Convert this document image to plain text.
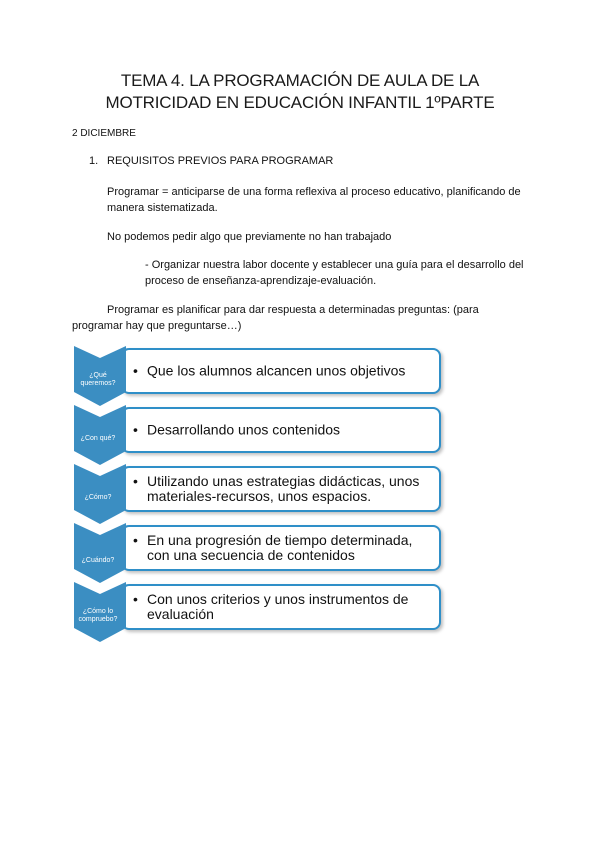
TEMA 4. LA PROGRAMACIÓN DE AULA DE LA
MOTRICIDAD EN EDUCACIÓN INFANTIL 1ºPARTE
2 DICIEMBRE
1. REQUISITOS PREVIOS PARA PROGRAMAR
Programar = anticiparse de una forma reflexiva al proceso educativo, planificando de manera sistematizada.
No podemos pedir algo que previamente no han trabajado
- Organizar nuestra labor docente y establecer una guía para el desarrollo del proceso de enseñanza-aprendizaje-evaluación.
Programar es planificar para dar respuesta a determinadas preguntas: (para programar hay que preguntarse…)
• Que los alumnos alcancen unos objetivos
¿Qué
queremos?
• Desarrollando unos contenidos
¿Con qué?
• Utilizando unas estrategias didácticas, unos materiales-recursos, unos espacios.
¿Cómo?
• En una progresión de tiempo determinada, con una secuencia de contenidos
¿Cuándo?
• Con unos criterios y unos instrumentos de evaluación
¿Cómo lo
compruebo?
